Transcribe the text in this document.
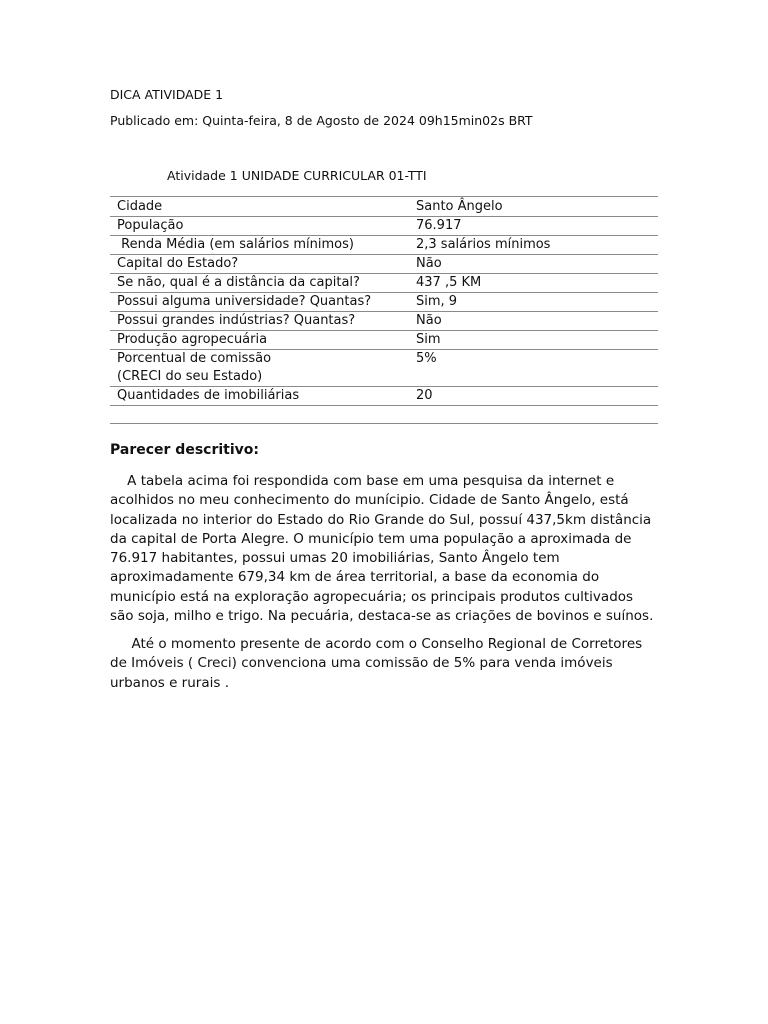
DICA ATIVIDADE 1
Publicado em: Quinta-feira, 8 de Agosto de 2024 09h15min02s BRT
Atividade 1 UNIDADE CURRICULAR 01-TTI
Cidade	Santo Ângelo
População	76.917
Renda Média (em salários mínimos)	2,3 salários mínimos
Capital do Estado?	Não
Se não, qual é a distância da capital?	437 ,5 KM
Possui alguma universidade? Quantas?	Sim, 9
Possui grandes indústrias? Quantas?	Não
Produção agropecuária	Sim

Porcentual de comissão
(CRECI do seu Estado)	5%
Quantidades de imobiliárias	20

Parecer descritivo:
A tabela acima foi respondida com base em uma pesquisa da internet e acolhidos no meu conhecimento do munícipio. Cidade de Santo Ângelo, está localizada no interior do Estado do Rio Grande do Sul, possuí 437,5km distância da capital de Porta Alegre. O município tem uma população a aproximada de 76.917 habitantes, possui umas 20 imobiliárias, Santo Ângelo tem aproximadamente 679,34 km de área territorial, a base da economia do município está na exploração agropecuária; os principais produtos cultivados são soja, milho e trigo. Na pecuária, destaca-se as criações de bovinos e suínos.
Até o momento presente de acordo com o Conselho Regional de Corretores de Imóveis ( Creci) convenciona uma comissão de 5% para venda imóveis  urbanos e rurais .
